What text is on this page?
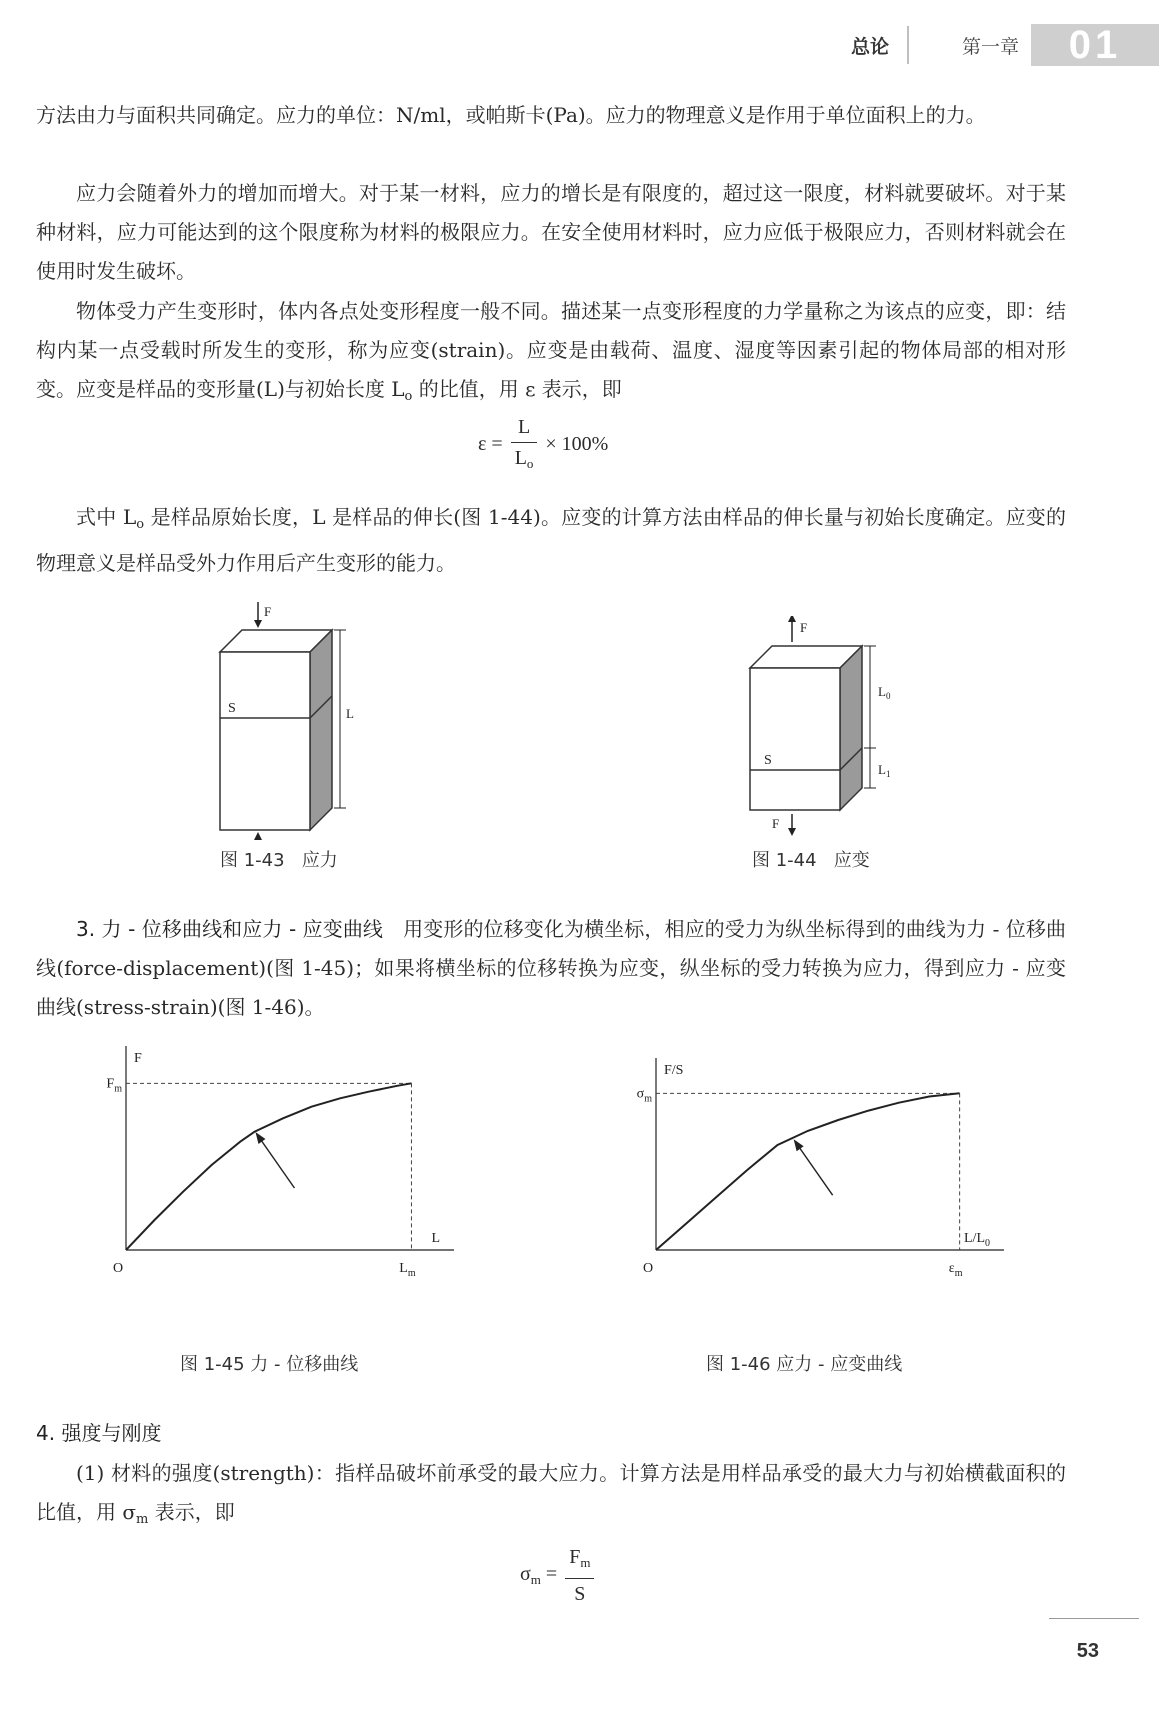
总论	第一章	01

方法由力与面积共同确定。应力的单位：N/ml，或帕斯卡(Pa)。应力的物理意义是作用于单位面积上的力。

应力会随着外力的增加而增大。对于某一材料，应力的增长是有限度的，超过这一限度，材料就要破坏。对于某种材料，应力可能达到的这个限度称为材料的极限应力。在安全使用材料时，应力应低于极限应力，否则材料就会在使用时发生破坏。

物体受力产生变形时，体内各点处变形程度一般不同。描述某一点变形程度的力学量称之为该点的应变，即：结构内某一点受载时所发生的变形，称为应变(strain)。应变是由载荷、温度、湿度等因素引起的物体局部的相对形变。应变是样品的变形量(L)与初始长度 $L_o$ 的比值，用 ε 表示，即

$\varepsilon = \frac{L}{L_o} \times 100\%$

式中 $L_o$ 是样品原始长度，L 是样品的伸长(图 1-44)。应变的计算方法由样品的伸长量与初始长度确定。应变的物理意义是样品受外力作用后产生变形的能力。

F
S	L
图 1-43 应力
F
S
F
$L_0$
$L_1$
图 1-44 应变

3. 力 - 位移曲线和应力 - 应变曲线　用变形的位移变化为横坐标，相应的受力为纵坐标得到的曲线为力 - 位移曲线(force-displacement)(图 1-45)；如果将横坐标的位移转换为应变，纵坐标的受力转换为应力，得到应力 - 应变曲线(stress-strain)(图 1-46)。

F
L
O
$F_m$
$L_m$
图 1-45 力 - 位移曲线
F/S
$L/L_0$
O
$\sigma_m$
$\varepsilon_m$
图 1-46 应力 - 应变曲线

4. 强度与刚度

(1) 材料的强度(strength)：指样品破坏前承受的最大应力。计算方法是用样品承受的最大力与初始横截面积的比值，用 $\sigma_m$ 表示，即

$\sigma_m = \frac{F_m}{S}$
53
